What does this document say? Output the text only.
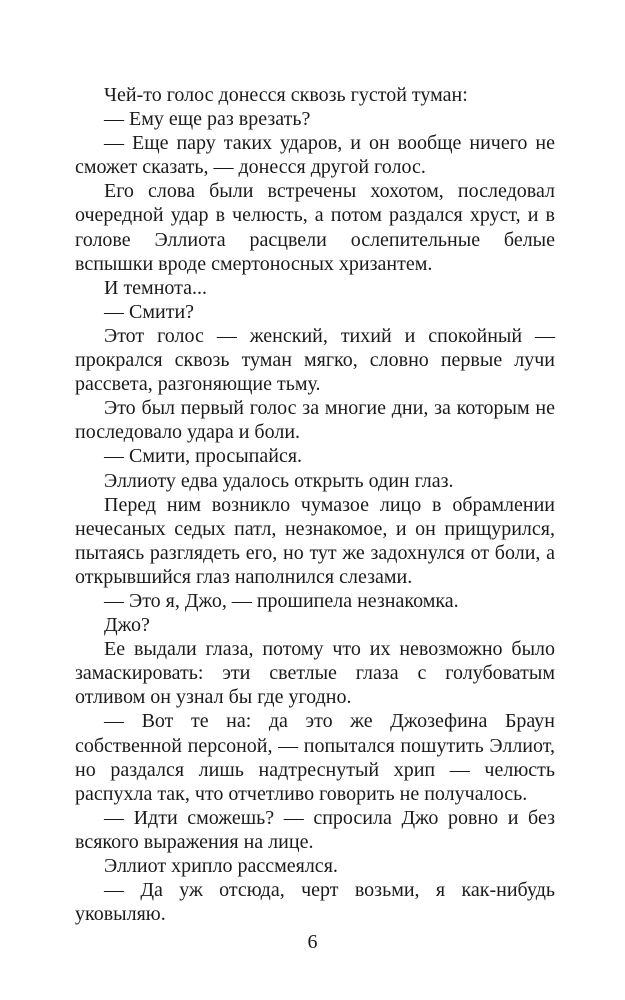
Чей-то голос донесся сквозь густой туман:

— Ему еще раз врезать?

— Еще пару таких ударов, и он вообще ничего не сможет сказать, — донесся другой голос.

Его слова были встречены хохотом, последовал очередной удар в челюсть, а потом раздался хруст, и в голове Эллиота расцвели ослепительные белые вспышки вроде смертоносных хризантем.

И темнота...

— Смити?

Этот голос — женский, тихий и спокойный — прокрался сквозь туман мягко, словно первые лучи рассвета, разгоняющие тьму.

Это был первый голос за многие дни, за которым не последовало удара и боли.

— Смити, просыпайся.

Эллиоту едва удалось открыть один глаз.

Перед ним возникло чумазое лицо в обрамлении нечесаных седых патл, незнакомое, и он прищурился, пытаясь разглядеть его, но тут же задохнулся от боли, а открывшийся глаз наполнился слезами.

— Это я, Джо, — прошипела незнакомка.

Джо?

Ее выдали глаза, потому что их невозможно было замаскировать: эти светлые глаза с голубоватым отливом он узнал бы где угодно.

— Вот те на: да это же Джозефина Браун собственной персоной, — попытался пошутить Эллиот, но раздался лишь надтреснутый хрип — челюсть распухла так, что отчетливо говорить не получалось.

— Идти сможешь? — спросила Джо ровно и без всякого выражения на лице.

Эллиот хрипло рассмеялся.

— Да уж отсюда, черт возьми, я как-нибудь уковыляю.

6
